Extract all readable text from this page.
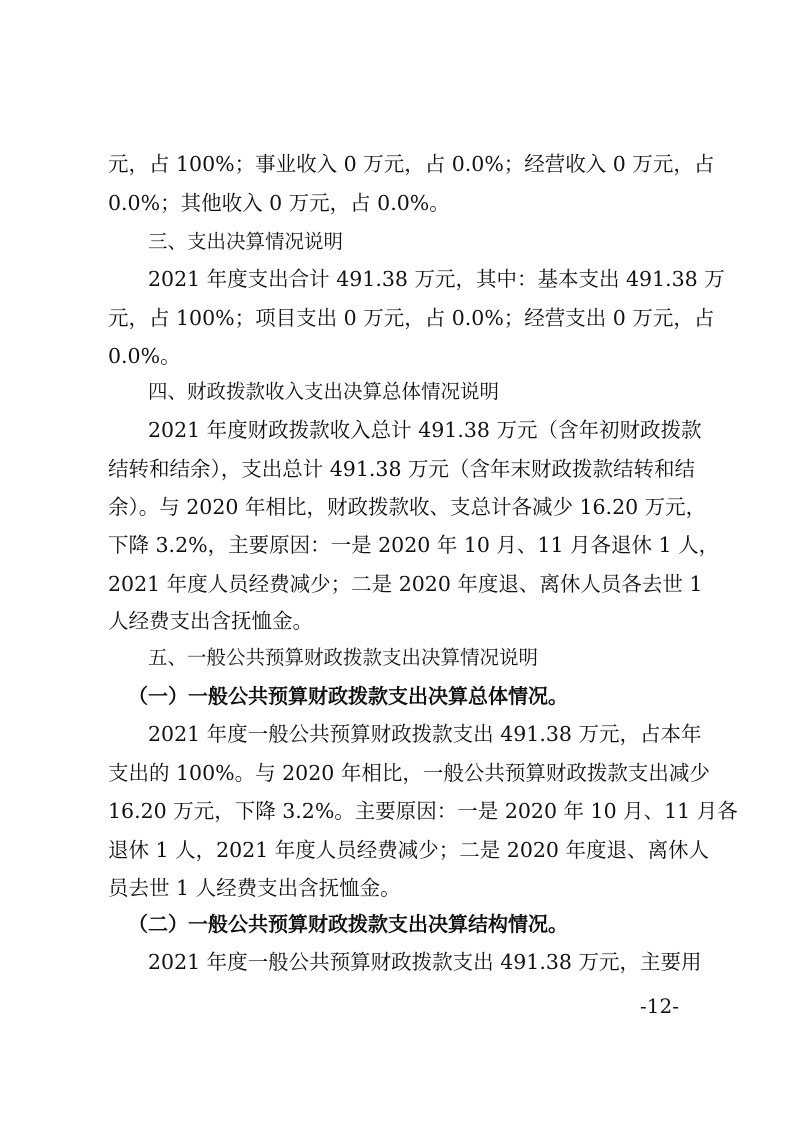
元，占 100%；事业收入 0 万元，占 0.0%；经营收入 0 万元，占
0.0%；其他收入 0 万元，占 0.0%。
三、支出决算情况说明
2021 年度支出合计 491.38 万元，其中：基本支出 491.38 万
元，占 100%；项目支出 0 万元，占 0.0%；经营支出 0 万元，占
0.0%。
四、财政拨款收入支出决算总体情况说明
2021 年度财政拨款收入总计 491.38 万元（含年初财政拨款
结转和结余），支出总计 491.38 万元（含年末财政拨款结转和结
余）。与 2020 年相比，财政拨款收、支总计各减少 16.20 万元，
下降 3.2%，主要原因：一是 2020 年 10 月、11 月各退休 1 人，
2021 年度人员经费减少；二是 2020 年度退、离休人员各去世 1
人经费支出含抚恤金。
五、一般公共预算财政拨款支出决算情况说明
（一）一般公共预算财政拨款支出决算总体情况。
2021 年度一般公共预算财政拨款支出 491.38 万元，占本年
支出的 100%。与 2020 年相比，一般公共预算财政拨款支出减少
16.20 万元，下降 3.2%。主要原因：一是 2020 年 10 月、11 月各
退休 1 人，2021 年度人员经费减少；二是 2020 年度退、离休人
员去世 1 人经费支出含抚恤金。
（二）一般公共预算财政拨款支出决算结构情况。
2021 年度一般公共预算财政拨款支出 491.38 万元，主要用
-12-
